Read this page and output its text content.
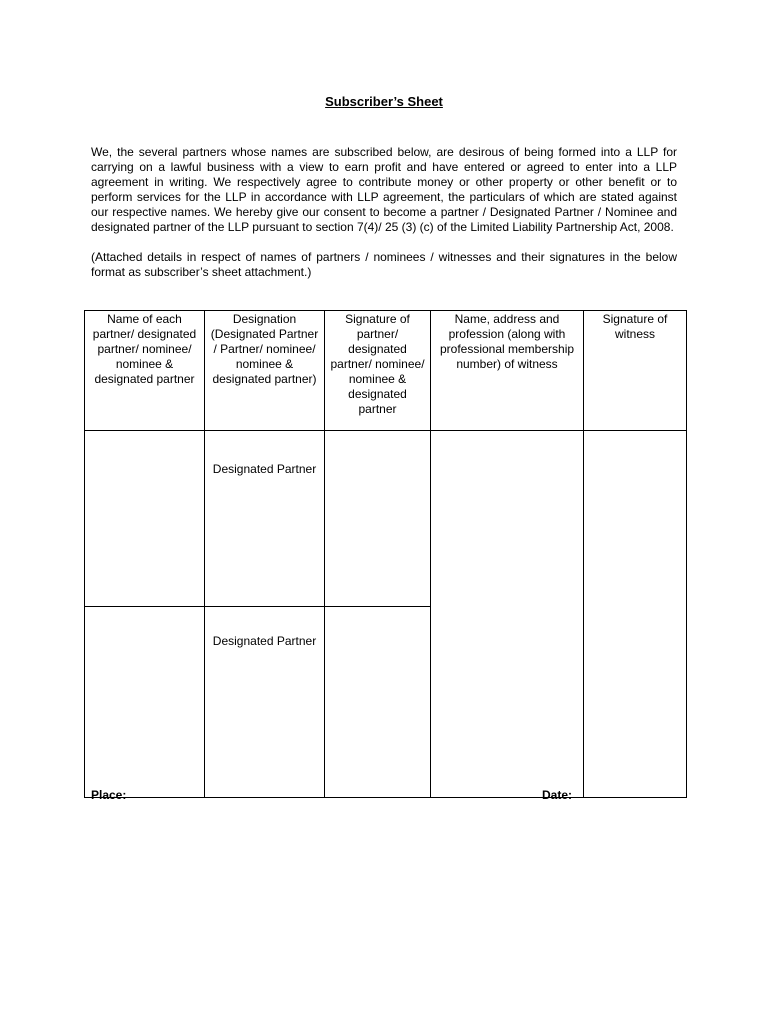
Subscriber’s Sheet

We, the several partners whose names are subscribed below, are desirous of being formed into a LLP for carrying on a lawful business with a view to earn profit and have entered or agreed to enter into a LLP agreement in writing. We respectively agree to contribute money or other property or other benefit or to perform services for the LLP in accordance with LLP agreement, the particulars of which are stated against our respective names. We hereby give our consent to become a partner / Designated Partner / Nominee and designated partner of the LLP pursuant to section 7(4)/ 25 (3) (c) of the Limited Liability Partnership Act, 2008.

(Attached details in respect of names of partners / nominees / witnesses and their signatures in the below format as subscriber’s sheet attachment.)

Name of each partner/ designated partner/ nominee/ nominee & designated partner	Designation (Designated Partner / Partner/ nominee/ nominee & designated partner)	Signature of partner/ designated partner/ nominee/ nominee & designated partner	Name, address and profession (along with professional membership number) of witness	Signature of witness
	Designated Partner			
	Designated Partner			
Place:	Date:
